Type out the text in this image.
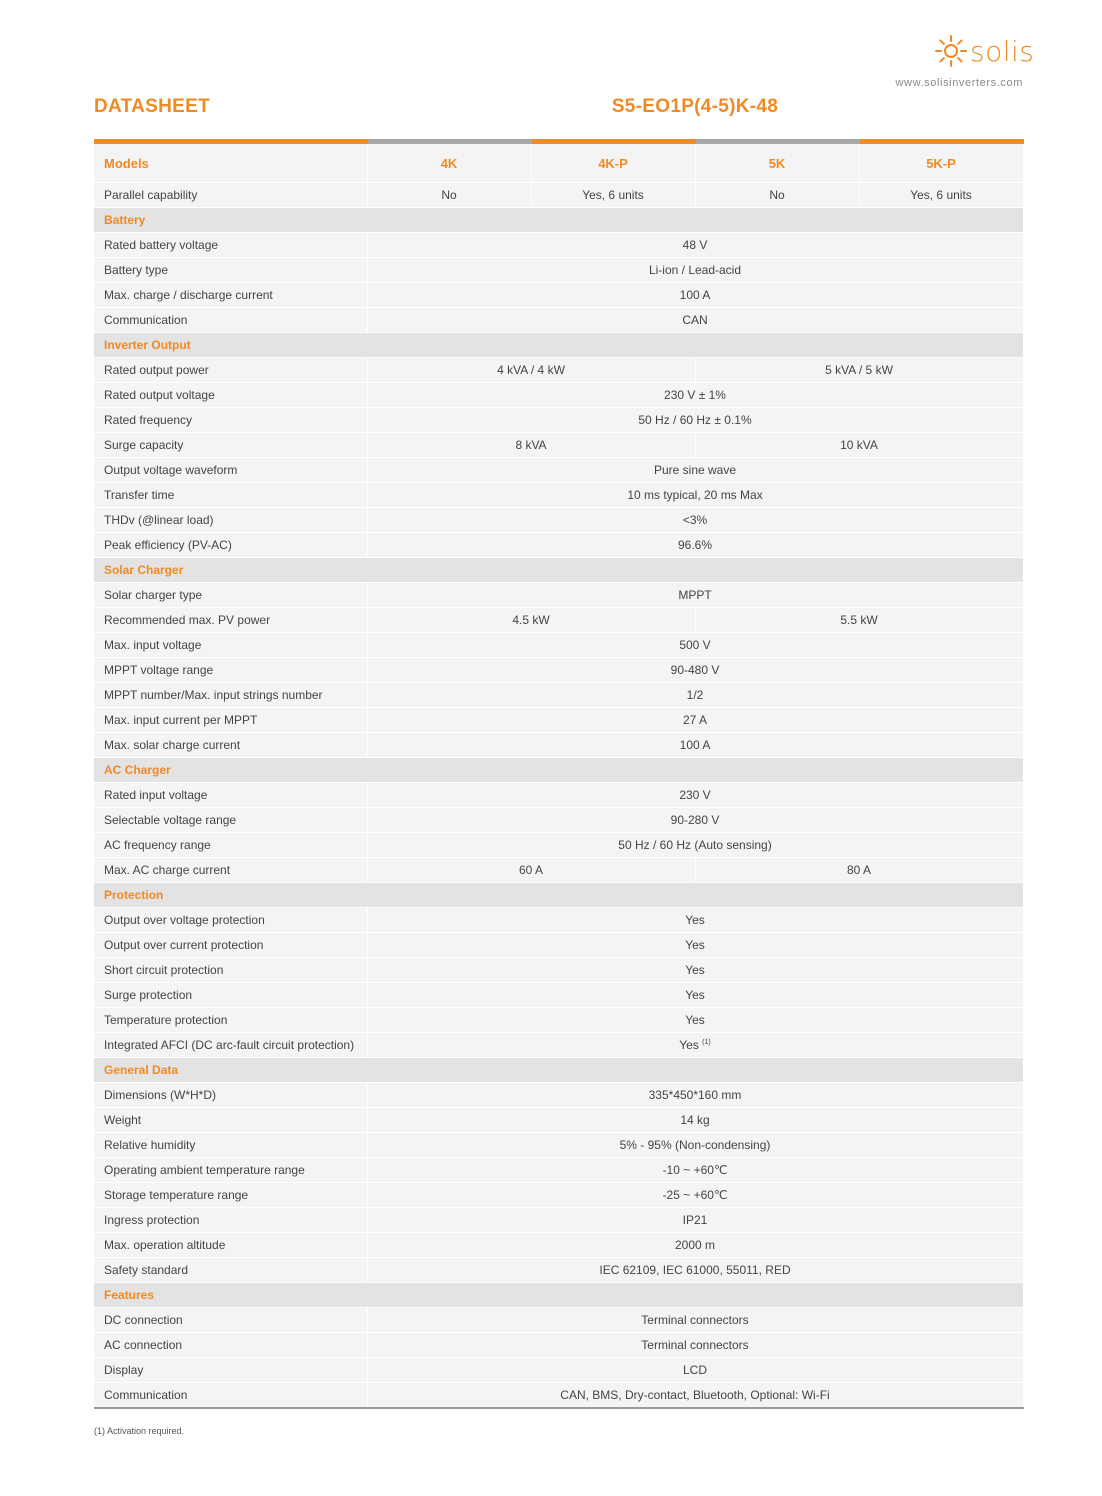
solis
www.solisinverters.com
DATASHEET	S5-EO1P(4-5)K-48
Models	4K	4K-P	5K	5K-P
Parallel capability	No	Yes, 6 units	No	Yes, 6 units
Battery				
Rated battery voltage	48 V			
Battery type	Li-ion / Lead-acid			
Max. charge / discharge current	100 A			
Communication	CAN			
Inverter Output				
Rated output power	4 kVA / 4 kW		5 kVA / 5 kW	
Rated output voltage	230 V ± 1%			
Rated frequency	50 Hz / 60 Hz ± 0.1%			
Surge capacity	8 kVA		10 kVA	
Output voltage waveform	Pure sine wave			
Transfer time	10 ms typical, 20 ms Max			
THDv (@linear load)	<3%			
Peak efficiency (PV-AC)	96.6%			
Solar Charger				
Solar charger type	MPPT			
Recommended max. PV power	4.5 kW		5.5 kW	
Max. input voltage	500 V			
MPPT voltage range	90-480 V			
MPPT number/Max. input strings number	1/2			
Max. input current per MPPT	27 A			
Max. solar charge current	100 A			
AC Charger				
Rated input voltage	230 V			
Selectable voltage range	90-280 V			
AC frequency range	50 Hz / 60 Hz (Auto sensing)			
Max. AC charge current	60 A		80 A	
Protection				
Output over voltage protection	Yes			
Output over current protection	Yes			
Short circuit protection	Yes			
Surge protection	Yes			
Temperature protection	Yes			
Integrated AFCI (DC arc-fault circuit protection)	Yes $^{(1)}$
General Data				
Dimensions (W*H*D)	335*450*160 mm			
Weight	14 kg			
Relative humidity	5% - 95% (Non-condensing)			
Operating ambient temperature range	-10 ~ +60℃			
Storage temperature range	-25 ~ +60℃			
Ingress protection	IP21			
Max. operation altitude	2000 m			
Safety standard	IEC 62109, IEC 61000, 55011, RED			
Features				
DC connection	Terminal connectors			
AC connection	Terminal connectors			
Display	LCD			
Communication	CAN, BMS, Dry-contact, Bluetooth, Optional: Wi-Fi			
(1) Activation required.
